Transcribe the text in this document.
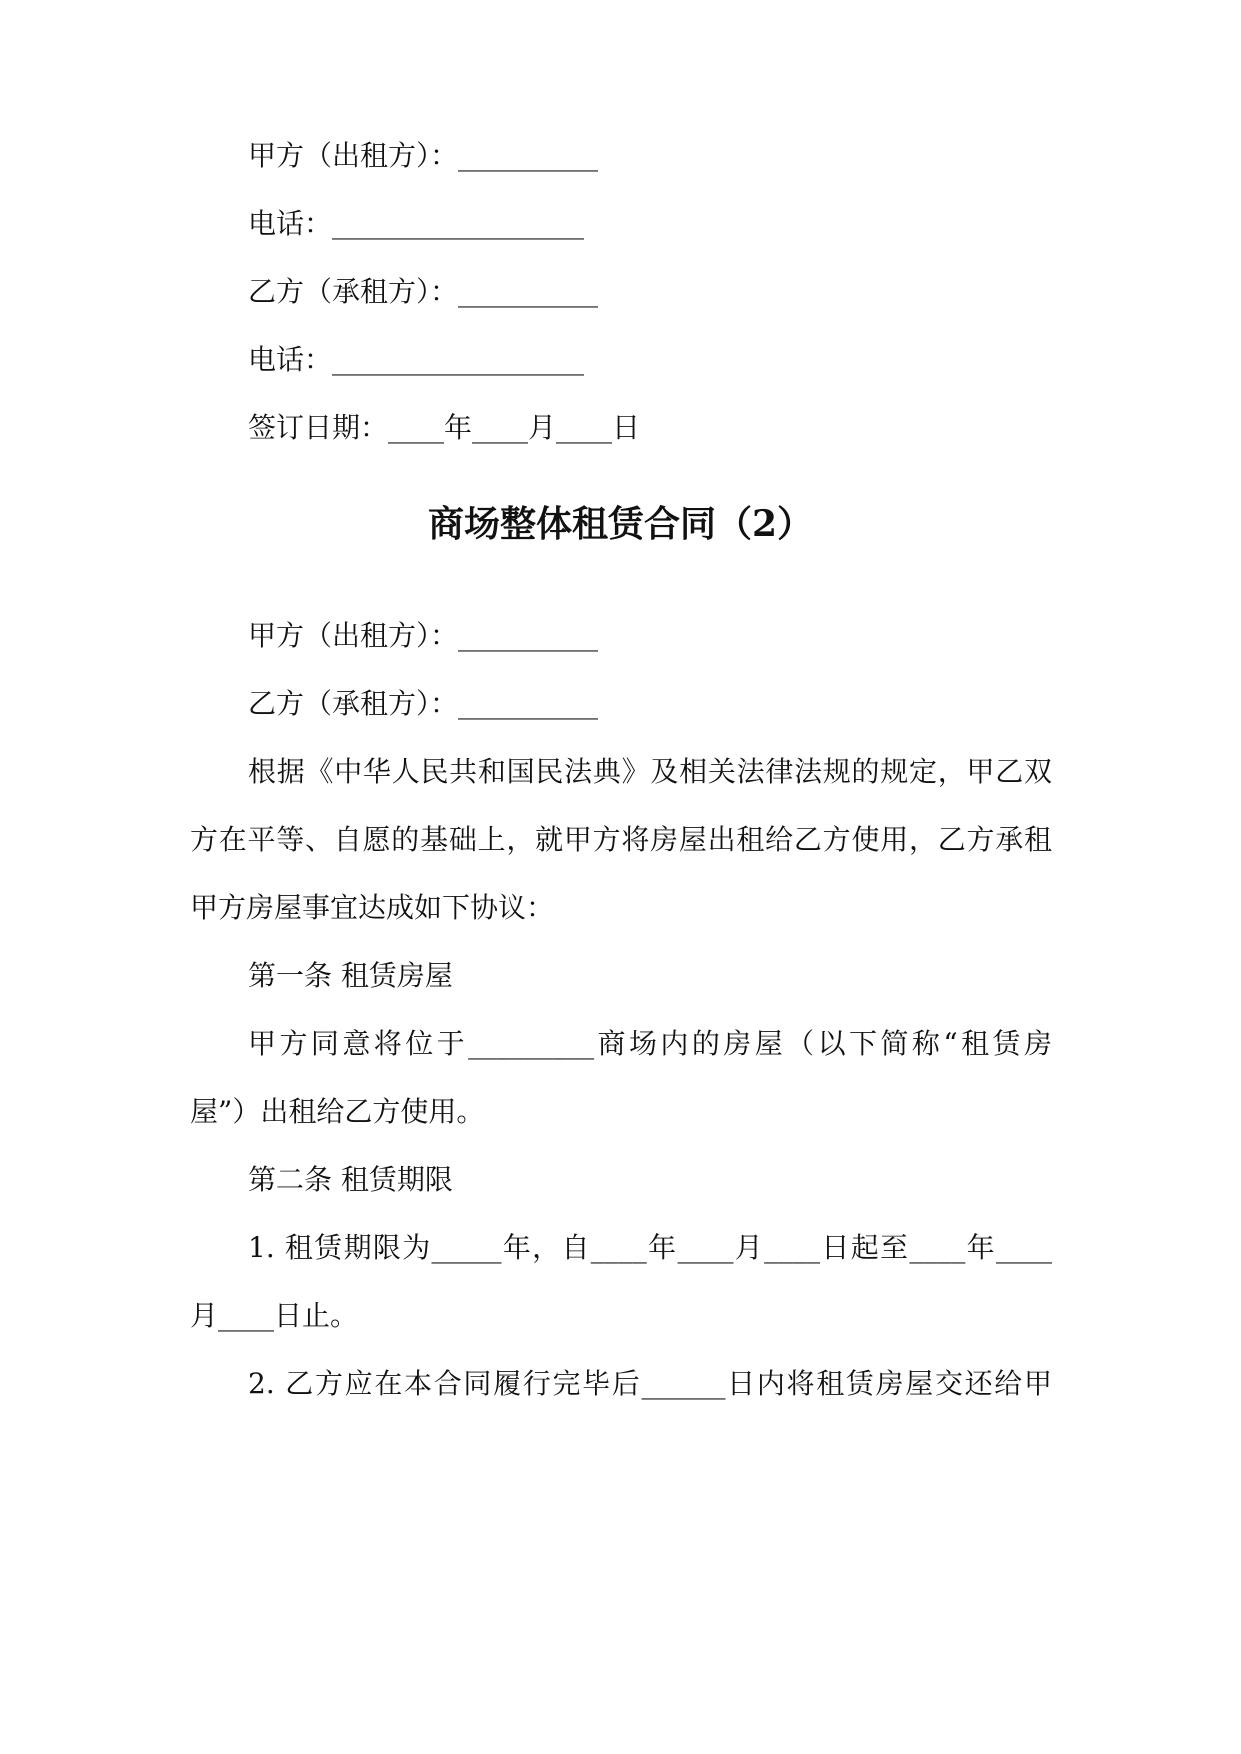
甲方（出租方）：__________
电话：__________________
乙方（承租方）：__________
电话：__________________
签订日期：____年____月____日
商场整体租赁合同（2）
甲方（出租方）：__________
乙方（承租方）：__________
根据《中华人民共和国民法典》及相关法律法规的规定，甲乙双
方在平等、自愿的基础上，就甲方将房屋出租给乙方使用，乙方承租
甲方房屋事宜达成如下协议：
第一条 租赁房屋
甲方同意将位于_________商场内的房屋（以下简称“租赁房
屋”）出租给乙方使用。
第二条 租赁期限
1. 租赁期限为_____年，自____年____月____日起至____年____
月____日止。
2. 乙方应在本合同履行完毕后______日内将租赁房屋交还给甲
